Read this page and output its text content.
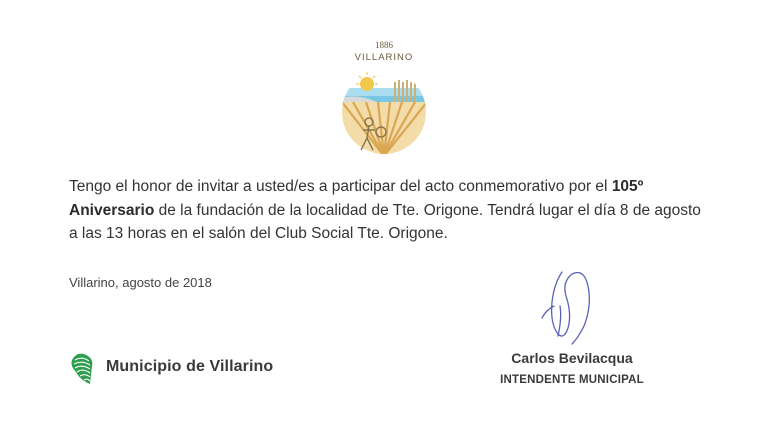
1886
VILLARINO
Tengo el honor de invitar a usted/es a participar del acto conmemorativo por el 105º Aniversario de la fundación de la localidad de Tte. Origone. Tendrá lugar el día 8 de agosto a las 13 horas en el salón del Club Social Tte. Origone.
Villarino, agosto de 2018
Municipio de Villarino	Carlos Bevilacqua
INTENDENTE MUNICIPAL
